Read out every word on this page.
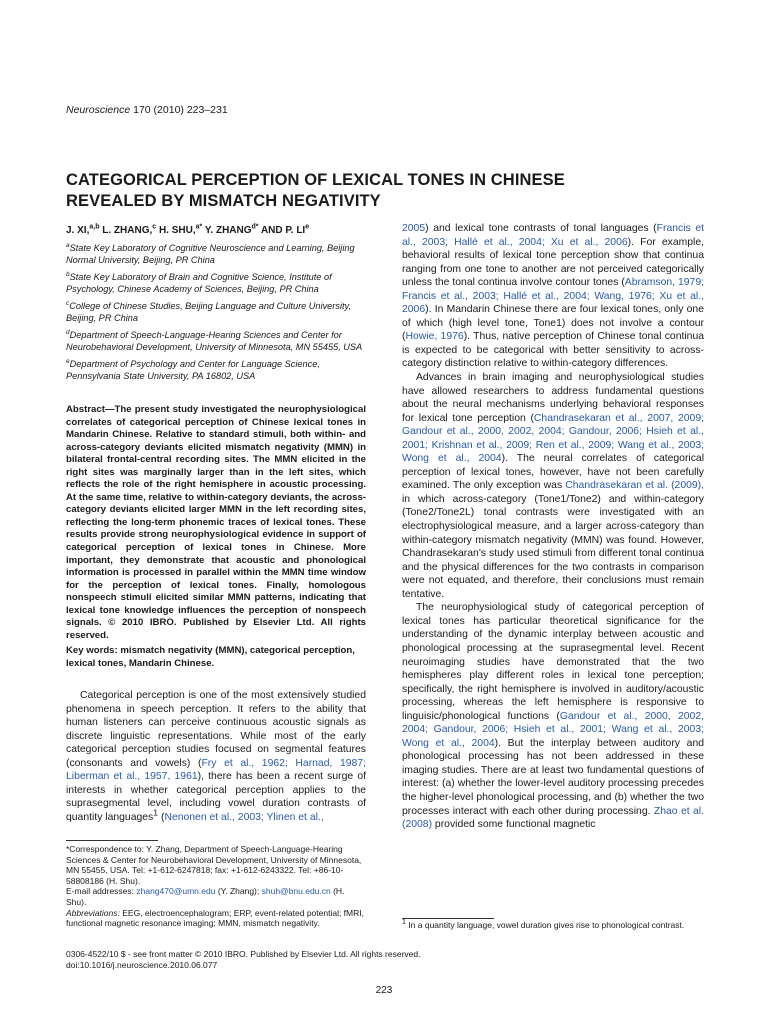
Neuroscience 170 (2010) 223–231
CATEGORICAL PERCEPTION OF LEXICAL TONES IN CHINESE
REVEALED BY MISMATCH NEGATIVITY
J. XI,$^{a,b}$ L. ZHANG,$^c$ H. SHU,$^{a*}$ Y. $ZHANG^{d*}$ AND P. LIe
$^a$State Key Laboratory of Cognitive Neuroscience and Learning, Beijing Normal University, Beijing, PR China
$^b$State Key Laboratory of Brain and Cognitive Science, Institute of Psychology, Chinese Academy of Sciences, Beijing, PR China
$^c$College of Chinese Studies, Beijing Language and Culture University, Beijing, PR China
$^d$Department of Speech-Language-Hearing Sciences and Center for Neurobehavioral Development, University of Minnesota, MN 55455, USA
$^e$Department of Psychology and Center for Language Science, Pennsylvania State University, PA 16802, USA
Abstract—The present study investigated the neurophysiological correlates of categorical perception of Chinese lexical tones in Mandarin Chinese. Relative to standard stimuli, both within- and across-category deviants elicited mismatch negativity (MMN) in bilateral frontal-central recording sites. The MMN elicited in the right sites was marginally larger than in the left sites, which reflects the role of the right hemisphere in acoustic processing. At the same time, relative to within-category deviants, the across-category deviants elicited larger MMN in the left recording sites, reflecting the long-term phonemic traces of lexical tones. These results provide strong neurophysiological evidence in support of categorical perception of lexical tones in Chinese. More important, they demonstrate that acoustic and phonological information is processed in parallel within the MMN time window for the perception of lexical tones. Finally, homologous nonspeech stimuli elicited similar MMN patterns, indicating that lexical tone knowledge influences the perception of nonspeech signals. © 2010 IBRO. Published by Elsevier Ltd. All rights reserved.
Key words: mismatch negativity (MMN), categorical perception, lexical tones, Mandarin Chinese.

Categorical perception is one of the most extensively studied phenomena in speech perception. It refers to the ability that human listeners can perceive continuous acoustic signals as discrete linguistic representations. While most of the early categorical perception studies focused on segmental features (consonants and vowels) (Fry et al., 1962; Harnad, 1987; Liberman et al., 1957, 1961), there has been a recent surge of interests in whether categorical perception applies to the suprasegmental level, including vowel duration contrasts of quantity languages$^1$ (Nenonen et al., 2003; Ylinen et al.,

2005) and lexical tone contrasts of tonal languages (Francis et al., 2003; Hallé et al., 2004; Xu et al., 2006). For example, behavioral results of lexical tone perception show that continua ranging from one tone to another are not perceived categorically unless the tonal continua involve contour tones (Abramson, 1979; Francis et al., 2003; Hallé et al., 2004; Wang, 1976; Xu et al., 2006). In Mandarin Chinese there are four lexical tones, only one of which (high level tone, Tone1) does not involve a contour (Howie, 1976). Thus, native perception of Chinese tonal continua is expected to be categorical with better sensitivity to across-category distinction relative to within-category differences.

Advances in brain imaging and neurophysiological studies have allowed researchers to address fundamental questions about the neural mechanisms underlying behavioral responses for lexical tone perception (Chandrasekaran et al., 2007, 2009; Gandour et al., 2000, 2002, 2004; Gandour, 2006; Hsieh et al., 2001; Krishnan et al., 2009; Ren et al., 2009; Wang et al., 2003; Wong et al., 2004). The neural correlates of categorical perception of lexical tones, however, have not been carefully examined. The only exception was Chandrasekaran et al. (2009), in which across-category (Tone1/Tone2) and within-category (Tone2/Tone2L) tonal contrasts were investigated with an electrophysiological measure, and a larger across-category than within-category mismatch negativity (MMN) was found. However, Chandrasekaran's study used stimuli from different tonal continua and the physical differences for the two contrasts in comparison were not equated, and therefore, their conclusions must remain tentative.

The neurophysiological study of categorical perception of lexical tones has particular theoretical significance for the understanding of the dynamic interplay between acoustic and phonological processing at the suprasegmental level. Recent neuroimaging studies have demonstrated that the two hemispheres play different roles in lexical tone perception; specifically, the right hemisphere is involved in auditory/acoustic processing, whereas the left hemisphere is responsive to linguisic/phonological functions (Gandour et al., 2000, 2002, 2004; Gandour, 2006; Hsieh et al., 2001; Wang et al., 2003; Wong et al., 2004). But the interplay between auditory and phonological processing has not been addressed in these imaging studies. There are at least two fundamental questions of interest: (a) whether the lower-level auditory processing precedes the higher-level phonological processing, and (b) whether the two processes interact with each other during processing. Zhao et al. (2008) provided some functional magnetic

*Correspondence to: Y. Zhang, Department of Speech-Language-Hearing Sciences & Center for Neurobehavioral Development, University of Minnesota, MN 55455, USA. Tel: +1-612-6247818; fax: +1-612-6243322. Tel: +86-10-58808186 (H. Shu).

E-mail addresses: zhang470@umn.edu (Y. Zhang); shuh@bnu.edu.cn (H. Shu).

Abbreviations: EEG, electroencephalogram; ERP, event-related potential; fMRI, functional magnetic resonance imaging; MMN, mismatch negativity.	$^1$ In a quantity language, vowel duration gives rise to phonological contrast.

0306-4522/10 $ - see front matter © 2010 IBRO. Published by Elsevier Ltd. All rights reserved.
doi:10.1016/j.neuroscience.2010.06.077
223
